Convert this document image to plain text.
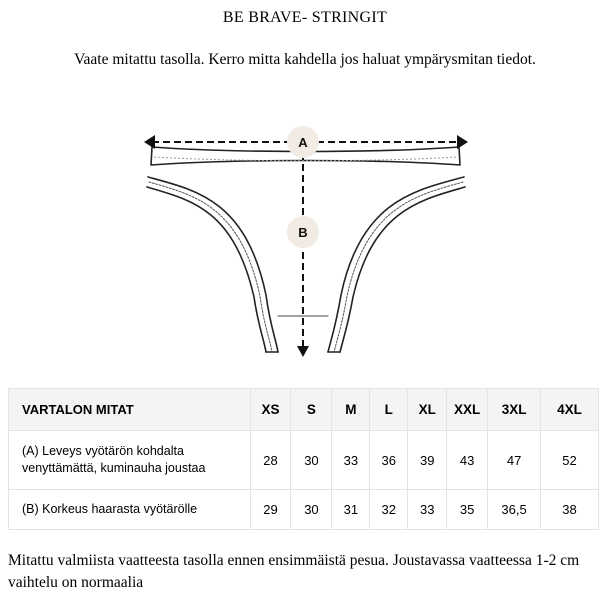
BE BRAVE- STRINGIT
Vaate mitattu tasolla. Kerro mitta kahdella jos haluat ympärysmitan tiedot.
A
B
VARTALON MITAT	XS	S	M	L	XL	XXL	3XL	4XL
(A) Leveys vyötärön kohdalta
venyttämättä, kuminauha joustaa	28	30	33	36	39	43	47	52
(B) Korkeus haarasta vyötärölle	29	30	31	32	33	35	36,5	38
Mitattu valmiista vaatteesta tasolla ennen ensimmäistä pesua. Joustavassa vaatteessa 1-2 cm vaihtelu on normaalia
